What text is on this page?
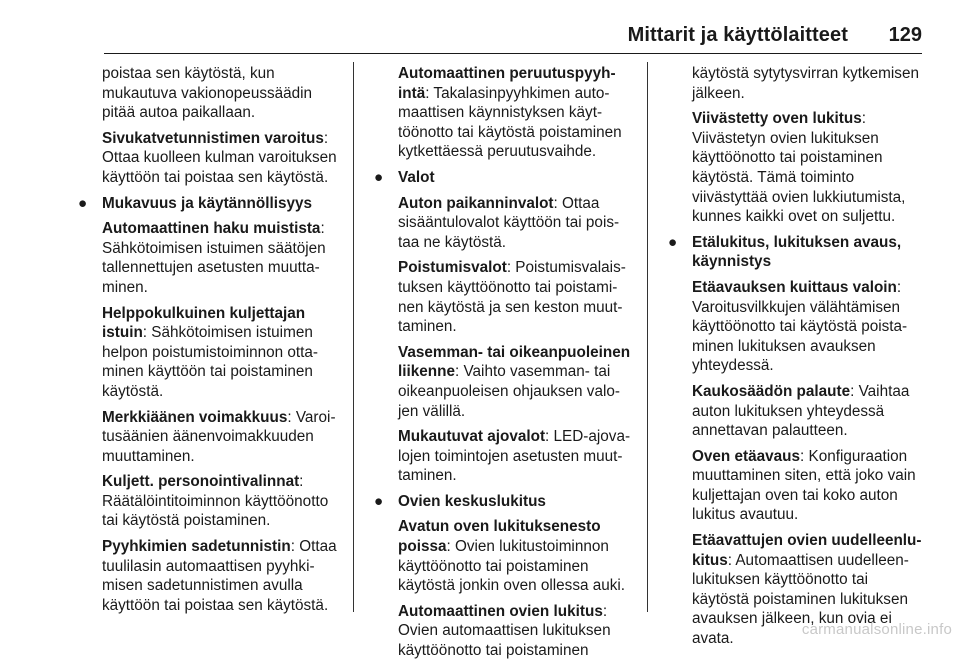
Mittarit ja käyttölaitteet 129

poistaa sen käytöstä, kun mukautuva vakionopeussäädin pitää autoa paikallaan.

Sivukatvetunnistimen varoitus: Ottaa kuolleen kulman varoituksen käyttöön tai poistaa sen käytöstä.

● Mukavuus ja käytännöllisyys

Automaattinen haku muistista: Sähkötoimisen istuimen säätöjen tallennettujen asetusten muuttaminen.

Helppokulkuinen kuljettajan istuin: Sähkötoimisen istuimen helpon poistumistoiminnon ottaminen käyttöön tai poistaminen käytöstä.

Merkkiäänen voimakkuus: Varoitusäänien äänenvoimakkuuden muuttaminen.

Kuljett. personointivalinnat: Räätälöintitoiminnon käyttöönotto tai käytöstä poistaminen.

Pyyhkimien sadetunnistin: Ottaa tuulilasin automaattisen pyyhkimisen sadetunnistimen avulla käyttöön tai poistaa sen käytöstä.

Automaattinen peruutuspyyhintä: Takalasinpyyhkimen automaattisen käynnistyksen käyttöönotto tai käytöstä poistaminen kytkettäessä peruutusvaihde.

● Valot

Auton paikanninvalot: Ottaa sisääntulovalot käyttöön tai poistaa ne käytöstä.

Poistumisvalot: Poistumisvalaistuksen käyttöönotto tai poistaminen käytöstä ja sen keston muuttaminen.

Vasemman- tai oikeanpuoleinen liikenne: Vaihto vasemman- tai oikeanpuoleisen ohjauksen valojen välillä.

Mukautuvat ajovalot: LED-ajovalojen toimintojen asetusten muuttaminen.

● Ovien keskuslukitus

Avatun oven lukituksenesto poissa: Ovien lukitustoiminnon käyttöönotto tai poistaminen käytöstä jonkin oven ollessa auki.

Automaattinen ovien lukitus: Ovien automaattisen lukituksen käyttöönotto tai poistaminen

käytöstä sytytysvirran kytkemisen jälkeen.

Viivästetty oven lukitus: Viivästetyn ovien lukituksen käyttöönotto tai poistaminen käytöstä. Tämä toiminto viivästyttää ovien lukkiutumista, kunnes kaikki ovet on suljettu.

● Etälukitus, lukituksen avaus, käynnistys

Etäavauksen kuittaus valoin: Varoitusvilkkujen välähtämisen käyttöönotto tai käytöstä poistaminen lukituksen avauksen yhteydessä.

Kaukosäädön palaute: Vaihtaa auton lukituksen yhteydessä annettavan palautteen.

Oven etäavaus: Konfiguraation muuttaminen siten, että joko vain kuljettajan oven tai koko auton lukitus avautuu.

Etäavattujen ovien uudelleenlukitus: Automaattisen uudelleenlukituksen käyttöönotto tai käytöstä poistaminen lukituksen avauksen jälkeen, kun ovia ei avata.

carmanualsonline.info
